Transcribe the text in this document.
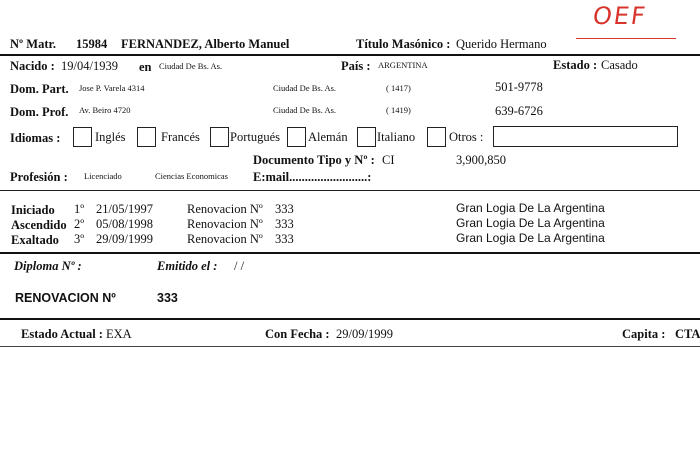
OEF
Nº Matr. 15984 FERNANDEZ, Alberto Manuel	Título Masónico : Querido Hermano
Nacido : 19/04/1939 en Ciudad De Bs. As.	País : ARGENTINA	Estado : Casado
Dom. Part. Jose P. Varela 4314	Ciudad De Bs. As.	( 1417)	501-9778
Dom. Prof. Av. Beiro 4720	Ciudad De Bs. As.	( 1419)	639-6726
Idiomas :	Inglés	Francés Portugués Alemán Italiano	Otros :
Documento Tipo y Nº : CI	3,900,850
Profesión : Licenciado	Ciencias Economicas E:mail.........................:
Iniciado 1º 21/05/1997	Renovacion Nº 333	Gran Logia De La Argentina
Ascendido 2º 05/08/1998	Renovacion Nº 333	Gran Logia De La Argentina
Exaltado 3º 29/09/1999	Renovacion Nº 333	Gran Logia De La Argentina
Diploma Nº :	Emitido el : / /
RENOVACION Nº	333
Estado Actual : EXA	Con Fecha : 29/09/1999	Capita : CTA
